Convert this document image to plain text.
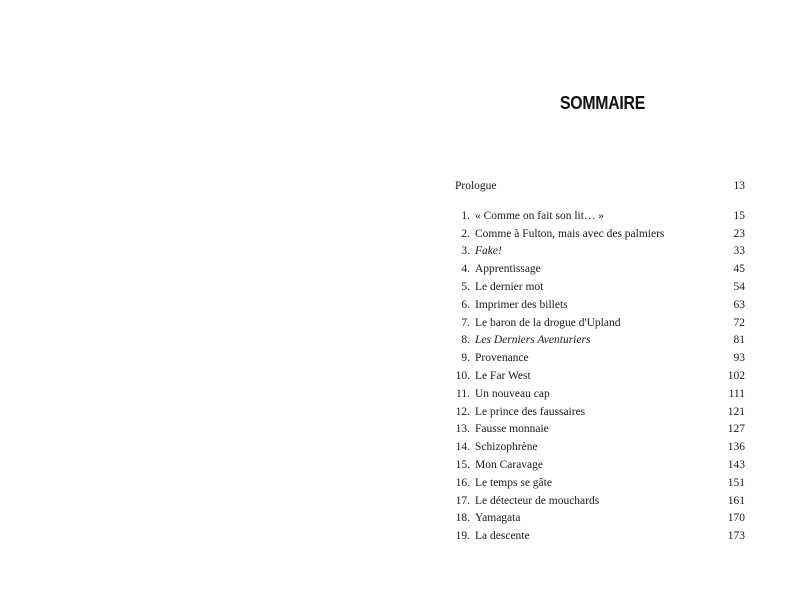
SOMMAIRE
Prologue	13
1. « Comme on fait son lit… »	15
2. Comme à Fulton, mais avec des palmiers	23
3. Fake!	33
4. Apprentissage	45
5. Le dernier mot	54
6. Imprimer des billets	63
7. Le baron de la drogue d'Upland	72
8. Les Derniers Aventuriers	81
9. Provenance	93
10. Le Far West	102
11. Un nouveau cap	111
12. Le prince des faussaires	121
13. Fausse monnaie	127
14. Schizophrène	136
15. Mon Caravage	143
16. Le temps se gâte	151
17. Le détecteur de mouchards	161
18. Yamagata	170
19. La descente	173
